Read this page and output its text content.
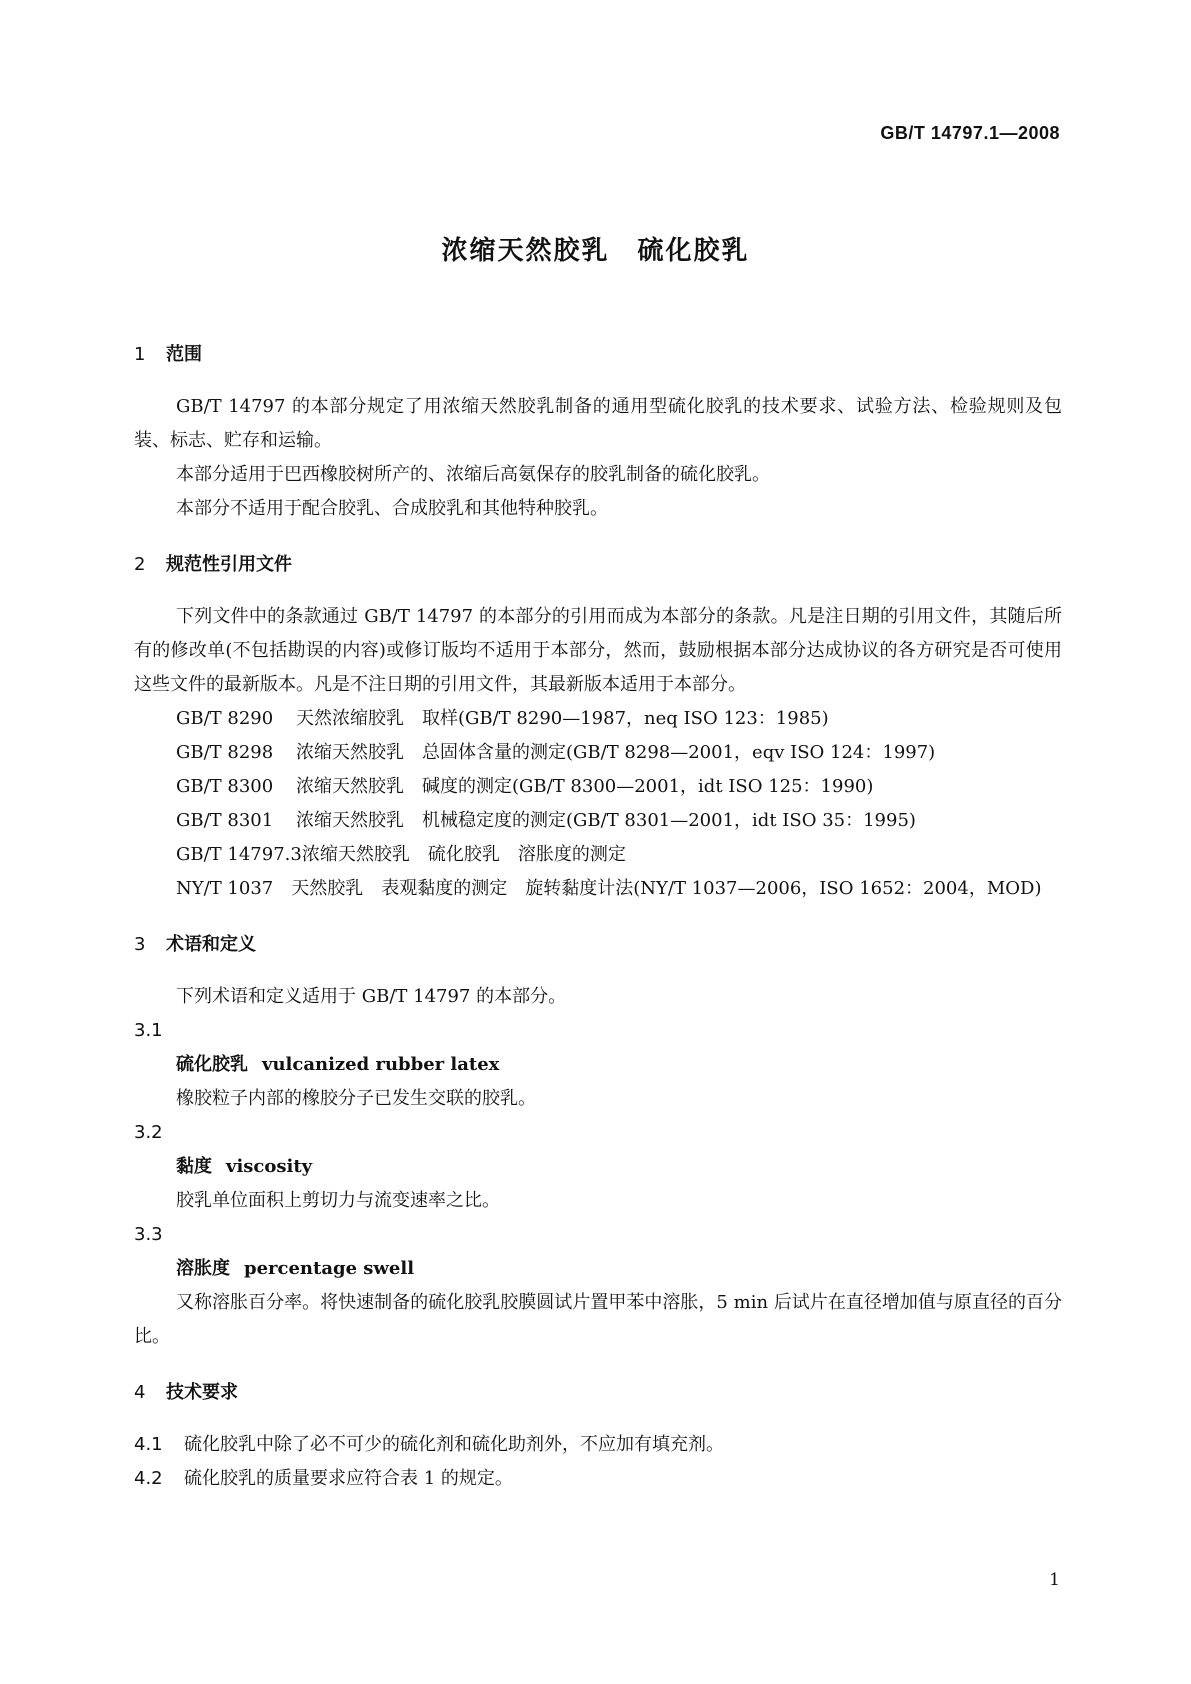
GB/T 14797.1—2008
浓缩天然胶乳　硫化胶乳
1 范围

GB/T 14797 的本部分规定了用浓缩天然胶乳制备的通用型硫化胶乳的技术要求、试验方法、检验规则及包装、标志、贮存和运输。

本部分适用于巴西橡胶树所产的、浓缩后高氨保存的胶乳制备的硫化胶乳。

本部分不适用于配合胶乳、合成胶乳和其他特种胶乳。

2 规范性引用文件

下列文件中的条款通过 GB/T 14797 的本部分的引用而成为本部分的条款。凡是注日期的引用文件，其随后所有的修改单(不包括勘误的内容)或修订版均不适用于本部分，然而，鼓励根据本部分达成协议的各方研究是否可使用这些文件的最新版本。凡是不注日期的引用文件，其最新版本适用于本部分。

GB/T 8290 天然浓缩胶乳　取样(GB/T 8290—1987，neq ISO 123：1985)
GB/T 8298 浓缩天然胶乳　总固体含量的测定(GB/T 8298—2001，eqv ISO 124：1997)
GB/T 8300 浓缩天然胶乳　碱度的测定(GB/T 8300—2001，idt ISO 125：1990)
GB/T 8301 浓缩天然胶乳　机械稳定度的测定(GB/T 8301—2001，idt ISO 35：1995)
GB/T 14797.3浓缩天然胶乳　硫化胶乳　溶胀度的测定
NY/T 1037　天然胶乳　表观黏度的测定　旋转黏度计法(NY/T 1037—2006，ISO 1652：2004，MOD)
3 术语和定义

下列术语和定义适用于 GB/T 14797 的本部分。

3.1
硫化胶乳 vulcanized rubber latex
橡胶粒子内部的橡胶分子已发生交联的胶乳。
3.2
黏度 viscosity
胶乳单位面积上剪切力与流变速率之比。
3.3
溶胀度 percentage swell
又称溶胀百分率。将快速制备的硫化胶乳胶膜圆试片置甲苯中溶胀，5 min 后试片在直径增加值与原直径的百分比。
4 技术要求
4.1 硫化胶乳中除了必不可少的硫化剂和硫化助剂外，不应加有填充剂。
4.2 硫化胶乳的质量要求应符合表 1 的规定。
1
